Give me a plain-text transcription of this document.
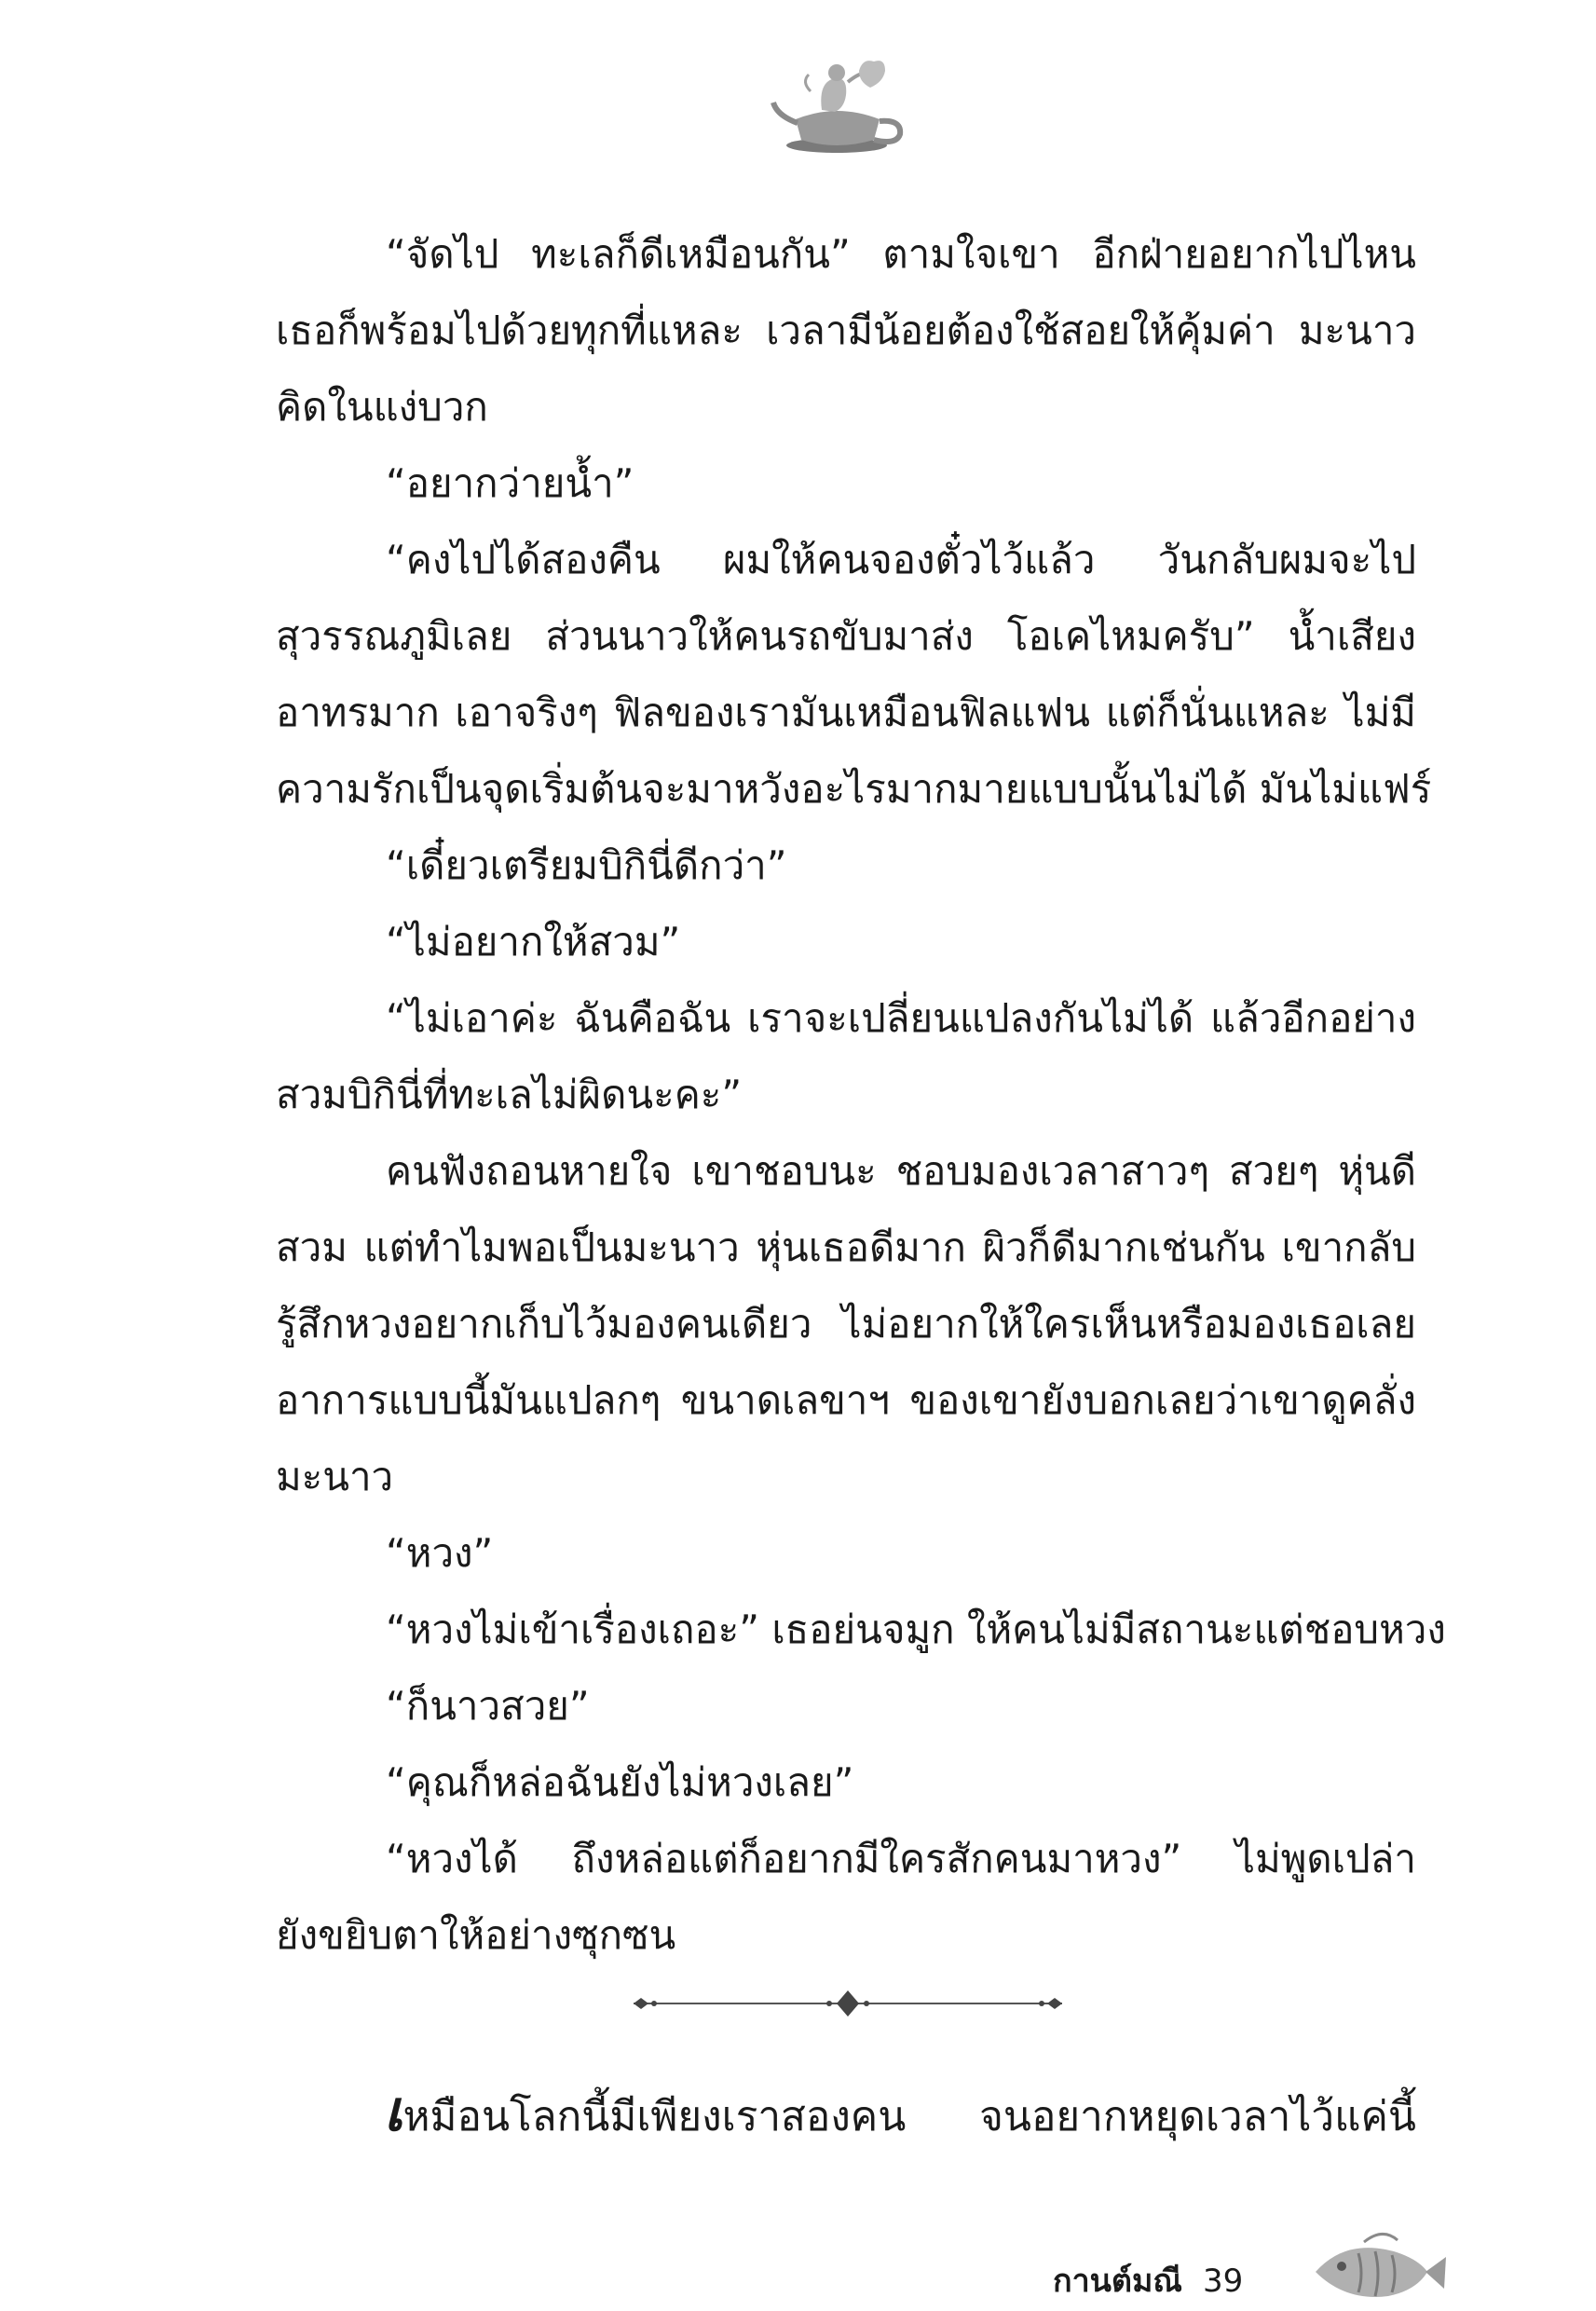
“จัดไป ทะเลก็ดีเหมือนกัน” ตามใจเขา อีกฝ่ายอยากไปไหน
เธอก็พร้อมไปด้วยทุกที่แหละ เวลามีน้อยต้องใช้สอยให้คุ้มค่า มะนาว
คิดในแง่บวก
“อยากว่ายน้ำ”
“คงไปได้สองคืน ผมให้คนจองตั๋วไว้แล้ว วันกลับผมจะไป
สุวรรณภูมิเลย ส่วนนาวให้คนรถขับมาส่ง โอเคไหมครับ” น้ำเสียง
อาทรมาก เอาจริงๆ ฟิลของเรามันเหมือนฟิลแฟน แต่ก็นั่นแหละ ไม่มี
ความรักเป็นจุดเริ่มต้นจะมาหวังอะไรมากมายแบบนั้นไม่ได้ มันไม่แฟร์
“เดี๋ยวเตรียมบิกินี่ดีกว่า”
“ไม่อยากให้สวม”
“ไม่เอาค่ะ ฉันคือฉัน เราจะเปลี่ยนแปลงกันไม่ได้ แล้วอีกอย่าง
สวมบิกินี่ที่ทะเลไม่ผิดนะคะ”
คนฟังถอนหายใจ เขาชอบนะ ชอบมองเวลาสาวๆ สวยๆ หุ่นดี
สวม แต่ทำไมพอเป็นมะนาว หุ่นเธอดีมาก ผิวก็ดีมากเช่นกัน เขากลับ
รู้สึกหวงอยากเก็บไว้มองคนเดียว ไม่อยากให้ใครเห็นหรือมองเธอเลย
อาการแบบนี้มันแปลกๆ ขนาดเลขาฯ ของเขายังบอกเลยว่าเขาดูคลั่ง
มะนาว
“หวง”
“หวงไม่เข้าเรื่องเถอะ” เธอย่นจมูก ให้คนไม่มีสถานะแต่ชอบหวง
“ก็นาวสวย”
“คุณก็หล่อฉันยังไม่หวงเลย”
“หวงได้ ถึงหล่อแต่ก็อยากมีใครสักคนมาหวง” ไม่พูดเปล่า
ยังขยิบตาให้อย่างซุกซน
เหมือนโลกนี้มีเพียงเราสองคน จนอยากหยุดเวลาไว้แค่นี้
กานต์มณี 39
